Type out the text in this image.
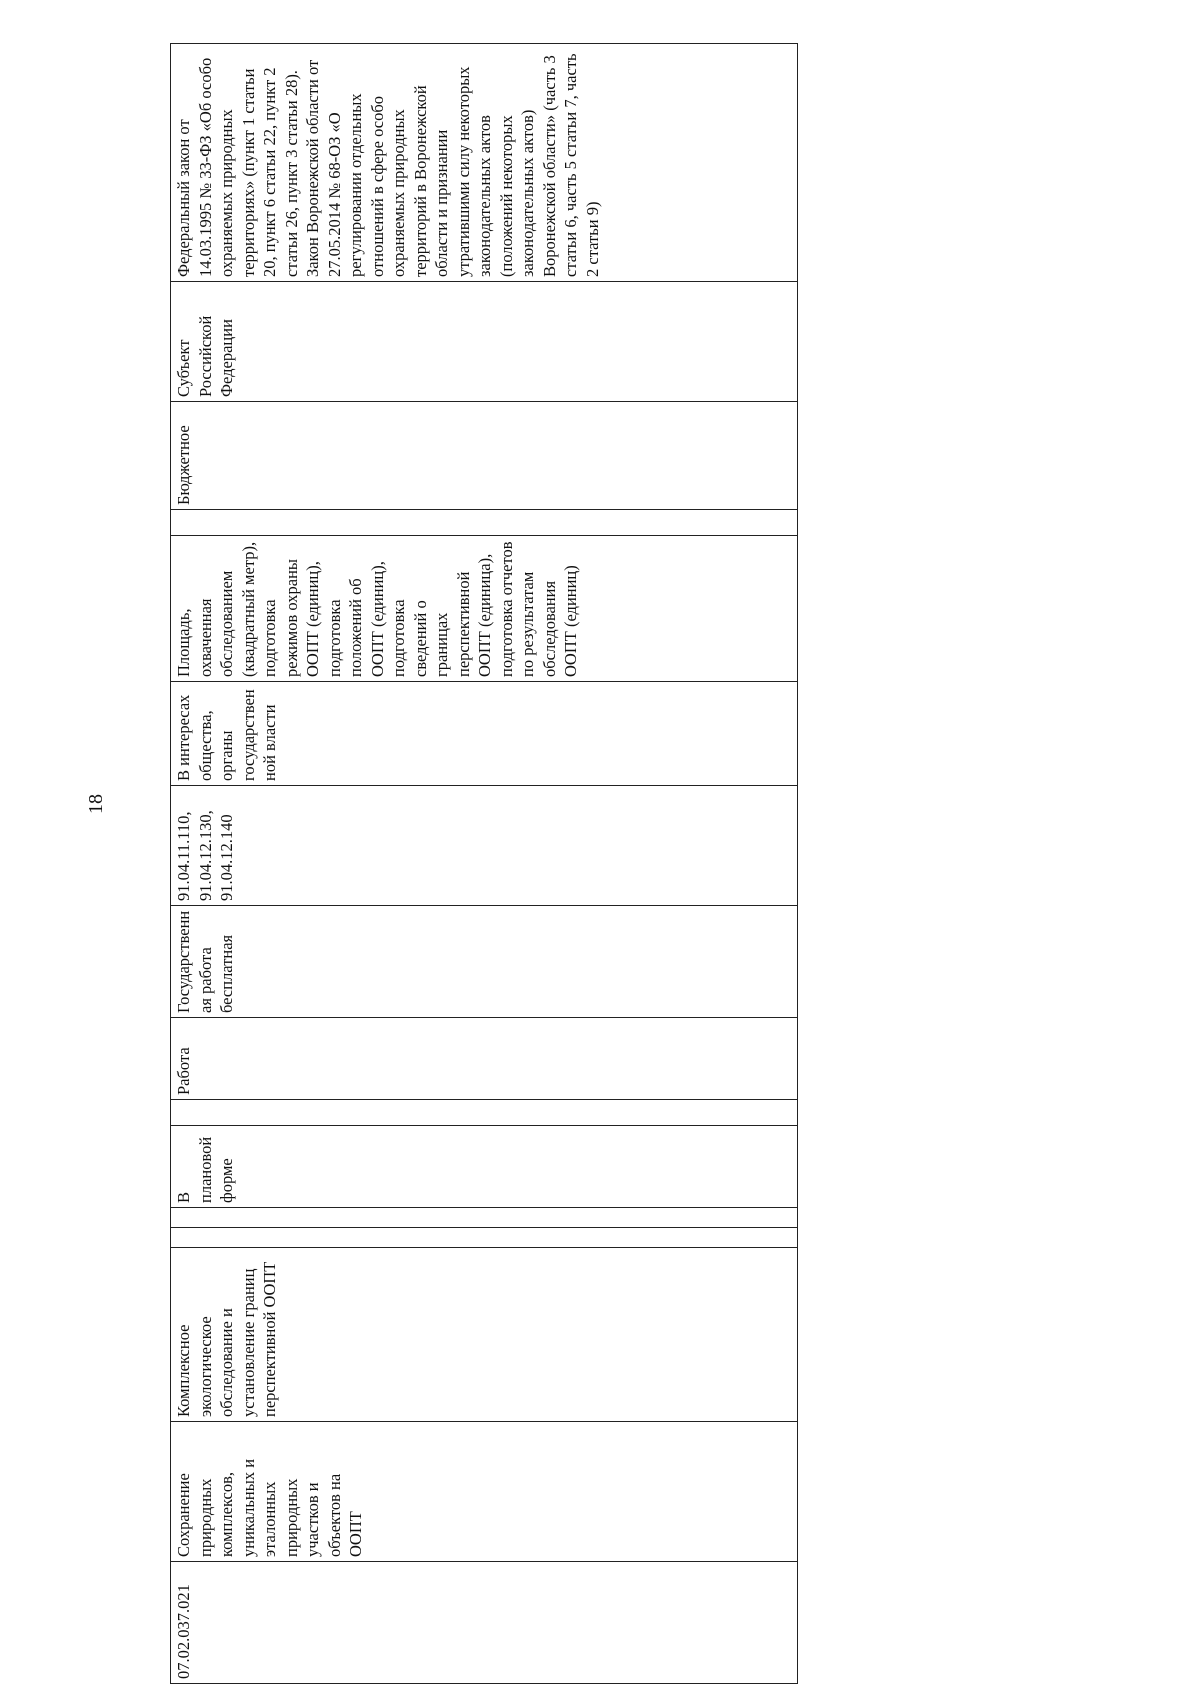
18
07.02.037.021	Сохранение природных комплексов, уникальных и эталонных природных участков и объектов на ООПТ	Комплексное экологическое обследование и установление границ перспективной ООПТ			В плановой форме		Работа	Государственная работа бесплатная	91.04.11.110, 91.04.12.130, 91.04.12.140	В интересах общества, органы государственной власти	Площадь, охваченная обследованием (квадратный метр), подготовка режимов охраны ООПТ (единиц), подготовка положений об ООПТ (единиц), подготовка сведений о границах перспективной ООПТ (единица), подготовка отчетов по результатам обследования ООПТ (единиц)		Бюджетное	Субъект Российской Федерации	Федеральный закон от 14.03.1995 № 33-ФЗ «Об особо охраняемых природных территориях» (пункт 1 статьи 20, пункт 6 статьи 22, пункт 2 статьи 26, пункт 3 статьи 28). Закон Воронежской области от 27.05.2014 № 68-ОЗ «О регулировании отдельных отношений в сфере особо охраняемых природных территорий в Воронежской области и признании утратившими силу некоторых законодательных актов (положений некоторых законодательных актов) Воронежской области» (часть 3 статьи 6, часть 5 статьи 7, часть 2 статьи 9)
